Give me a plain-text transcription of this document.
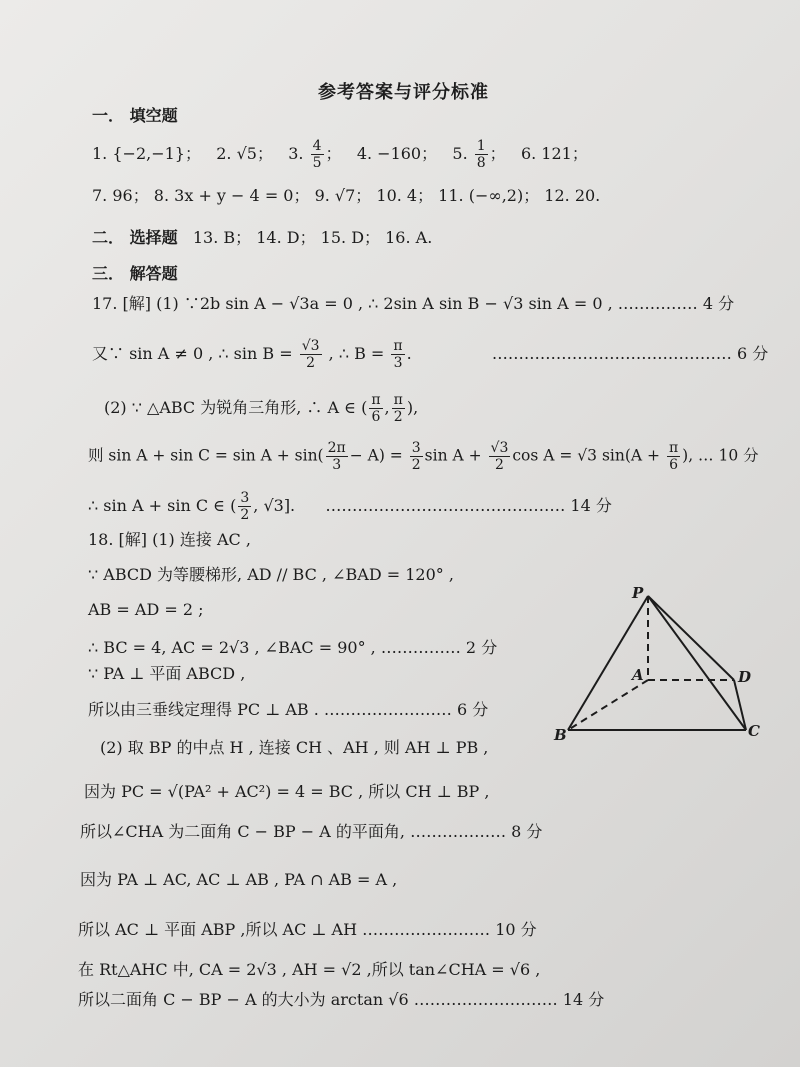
参考答案与评分标准
一． 填空题
1. {−2,−1}； 2. √5； 3. $\frac{4}{5}$ ； 4. −160； 5. $\frac{1}{8}$ ； 6. 121；
7. 96； 8. 3x + y − 4 = 0； 9. √7； 10. 4； 11. (−∞,2)； 12. 20.
二． 选择题 13. B； 14. D； 15. D； 16. A.
三． 解答题
17. [解] (1) ∵2b sin A − √3a = 0 , ∴ 2sin A sin B − √3 sin A = 0 , …………… 4 分
又∵ sin A ≠ 0 , ∴ $\sin B = \frac{√3}{2}$ , ∴ $B = \frac{\pi}{3}$ .	……………………………………… 6 分
(2) ∵ △ABC 为锐角三角形, ∴ A ∈ ( $\frac{\pi}{6}$ , $\frac{\pi}{2}$ ),
则 $\sin A + \sin C = \sin A + \sin( \frac{2\pi}{3} - A) = \frac{3}{2}$ $\sin A + \frac{√3}{2}$ cos A = √3 $\sin(A + \frac{\pi}{6}$ ), … 10 分
∴ sin A + sin C ∈ ( $\frac{3}{2}$ , √3]. ……………………………………… 14 分
18. [解] (1) 连接 AC ,
∵ ABCD 为等腰梯形, AD // BC , ∠BAD = 120° ,
AB = AD = 2 ;
∴ BC = 4, AC = 2√3 , ∠BAC = 90° , …………… 2 分
∵ PA ⊥ 平面 ABCD ,
所以由三垂线定理得 PC ⊥ AB . …………………… 6 分
(2) 取 BP 的中点 H , 连接 CH 、AH , 则 AH ⊥ PB ,
因为 PC = √(PA² + AC²) = 4 = BC , 所以 CH ⊥ BP ,
所以∠CHA 为二面角 C − BP − A 的平面角, ……………… 8 分
因为 PA ⊥ AC, AC ⊥ AB , PA ∩ AB = A ,
所以 AC ⊥ 平面 ABP ,所以 AC ⊥ AH …………………… 10 分
在 Rt△AHC 中, CA = 2√3 , AH = √2 ,所以 tan∠CHA = √6 ,
所以二面角 C − BP − A 的大小为 arctan √6 ……………………… 14 分
P
A	D
B	C
